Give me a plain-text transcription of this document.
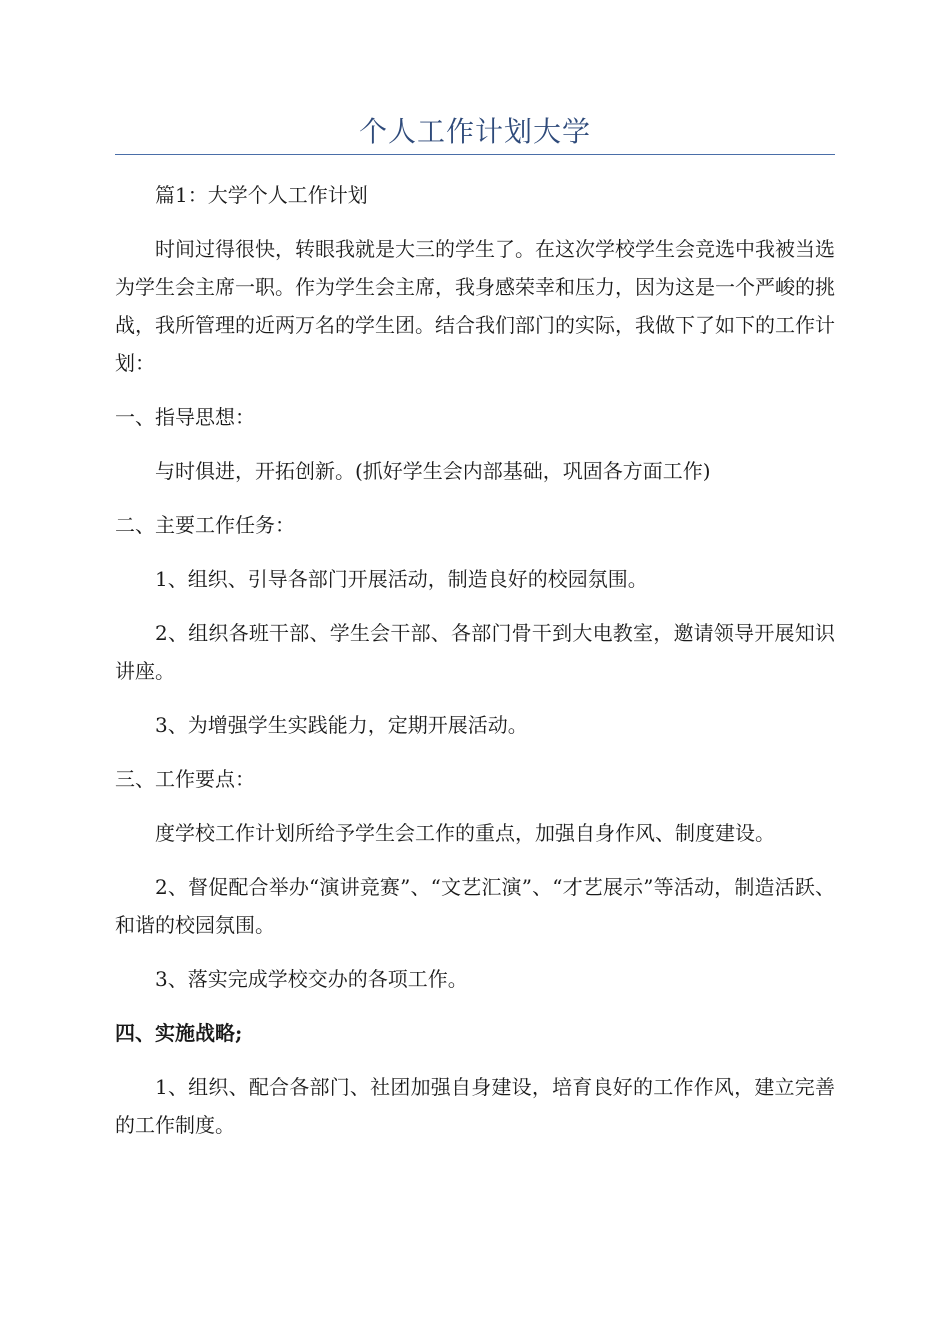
个人工作计划大学

篇1：大学个人工作计划

时间过得很快，转眼我就是大三的学生了。在这次学校学生会竞选中我被当选为学生会主席一职。作为学生会主席，我身感荣幸和压力，因为这是一个严峻的挑战，我所管理的近两万名的学生团。结合我们部门的实际，我做下了如下的工作计划：

一、指导思想：

与时俱进，开拓创新。(抓好学生会内部基础，巩固各方面工作)

二、主要工作任务：

1、组织、引导各部门开展活动，制造良好的校园氛围。

2、组织各班干部、学生会干部、各部门骨干到大电教室，邀请领导开展知识讲座。

3、为增强学生实践能力，定期开展活动。

三、工作要点：

度学校工作计划所给予学生会工作的重点，加强自身作风、制度建设。

2、督促配合举办“演讲竞赛”、“文艺汇演”、“才艺展示”等活动，制造活跃、和谐的校园氛围。

3、落实完成学校交办的各项工作。

四、实施战略;

1、组织、配合各部门、社团加强自身建设，培育良好的工作作风，建立完善的工作制度。
